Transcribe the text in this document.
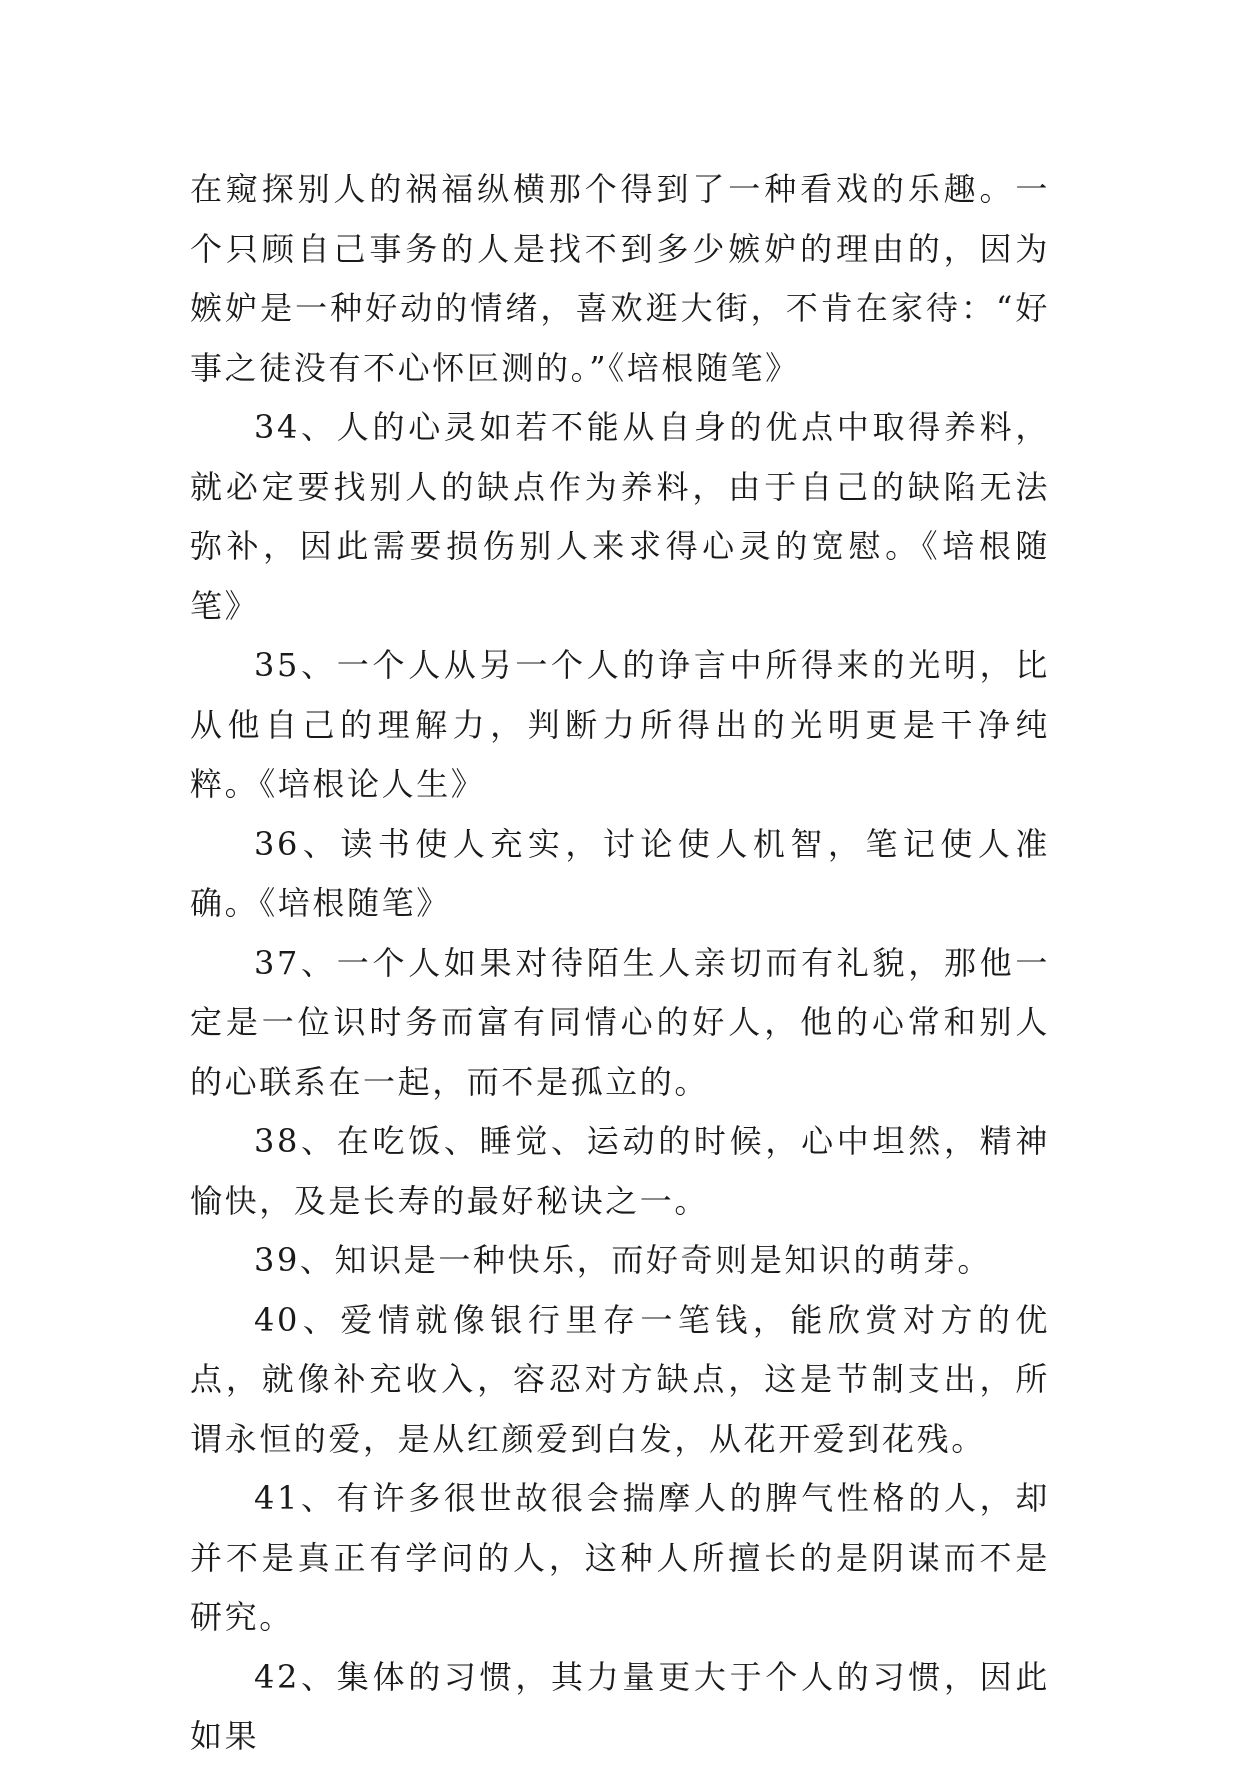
在窥探别人的祸福纵横那个得到了一种看戏的乐趣。一个只顾自己事务的人是找不到多少嫉妒的理由的，因为嫉妒是一种好动的情绪，喜欢逛大街，不肯在家待：“好事之徒没有不心怀叵测的。”《培根随笔》

34、人的心灵如若不能从自身的优点中取得养料，就必定要找别人的缺点作为养料，由于自己的缺陷无法弥补，因此需要损伤别人来求得心灵的宽慰。《培根随笔》

35、一个人从另一个人的诤言中所得来的光明，比从他自己的理解力，判断力所得出的光明更是干净纯粹。《培根论人生》

36、读书使人充实，讨论使人机智，笔记使人准确。《培根随笔》

37、一个人如果对待陌生人亲切而有礼貌，那他一定是一位识时务而富有同情心的好人，他的心常和别人的心联系在一起，而不是孤立的。

38、在吃饭、睡觉、运动的时候，心中坦然，精神愉快，及是长寿的最好秘诀之一。

39、知识是一种快乐，而好奇则是知识的萌芽。

40、爱情就像银行里存一笔钱，能欣赏对方的优点，就像补充收入，容忍对方缺点，这是节制支出，所谓永恒的爱，是从红颜爱到白发，从花开爱到花残。

41、有许多很世故很会揣摩人的脾气性格的人，却并不是真正有学问的人，这种人所擅长的是阴谋而不是研究。

42、集体的习惯，其力量更大于个人的习惯，因此如果
